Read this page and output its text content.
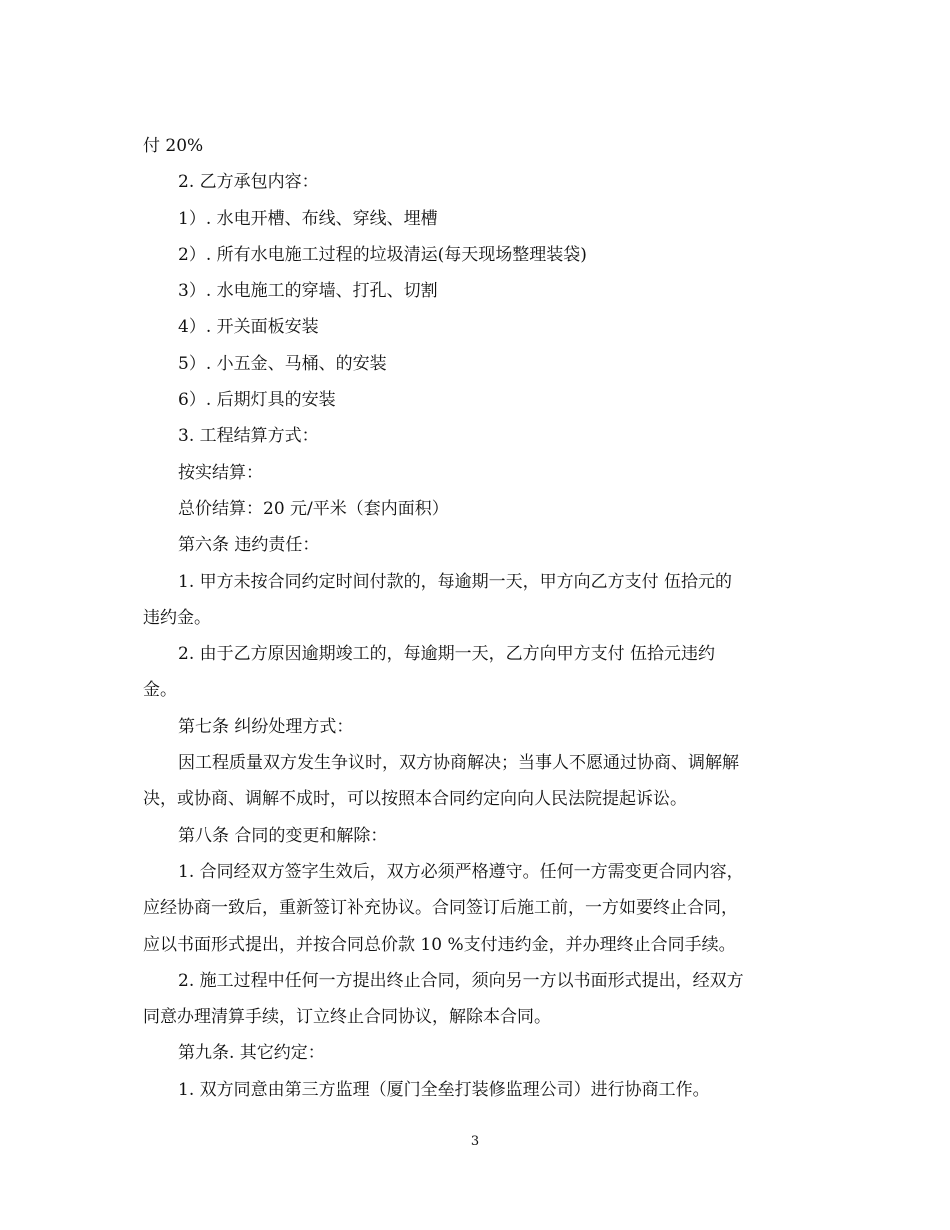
付 20%
2. 乙方承包内容：
1）. 水电开槽、布线、穿线、埋槽
2）. 所有水电施工过程的垃圾清运(每天现场整理装袋)
3）. 水电施工的穿墙、打孔、切割
4）. 开关面板安装
5）. 小五金、马桶、的安装
6）. 后期灯具的安装
3. 工程结算方式：
按实结算：
总价结算：20 元/平米（套内面积）
第六条 违约责任：
1. 甲方未按合同约定时间付款的，每逾期一天，甲方向乙方支付 伍拾元的
违约金。
2. 由于乙方原因逾期竣工的，每逾期一天，乙方向甲方支付 伍拾元违约
金。
第七条 纠纷处理方式：
因工程质量双方发生争议时，双方协商解决；当事人不愿通过协商、调解解
决，或协商、调解不成时，可以按照本合同约定向向人民法院提起诉讼。
第八条 合同的变更和解除：
1. 合同经双方签字生效后，双方必须严格遵守。任何一方需变更合同内容，
应经协商一致后，重新签订补充协议。合同签订后施工前，一方如要终止合同，
应以书面形式提出，并按合同总价款 10 %支付违约金，并办理终止合同手续。
2. 施工过程中任何一方提出终止合同，须向另一方以书面形式提出，经双方
同意办理清算手续，订立终止合同协议，解除本合同。
第九条. 其它约定：
1. 双方同意由第三方监理（厦门全垒打装修监理公司）进行协商工作。
3
